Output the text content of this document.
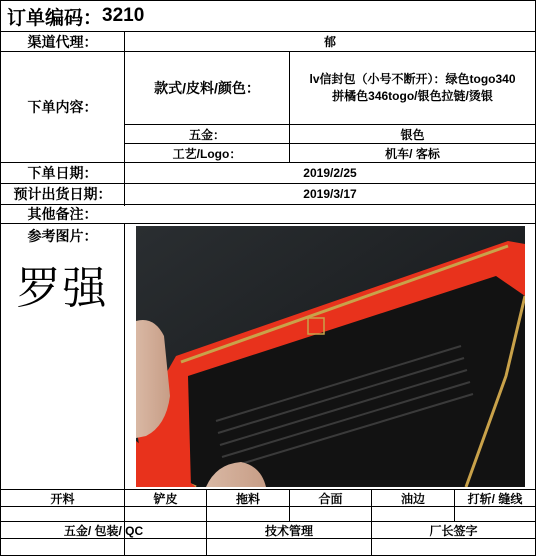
订单编码： 3210
渠道代理：	郁
下单内容：
款式/皮料/颜色：
lv信封包（小号不断开）：绿色togo340
拼橘色346togo/银色拉链/烫银
五金：	银色
工艺/Logo：	机车/ 客标
下单日期：	2019/2/25
预计出货日期：	2019/3/17
其他备注：
参考图片：
罗强
开料	铲皮	拖料	合面	油边	打斩/ 缝线
五金/ 包装/ QC	技术管理	厂长签字
